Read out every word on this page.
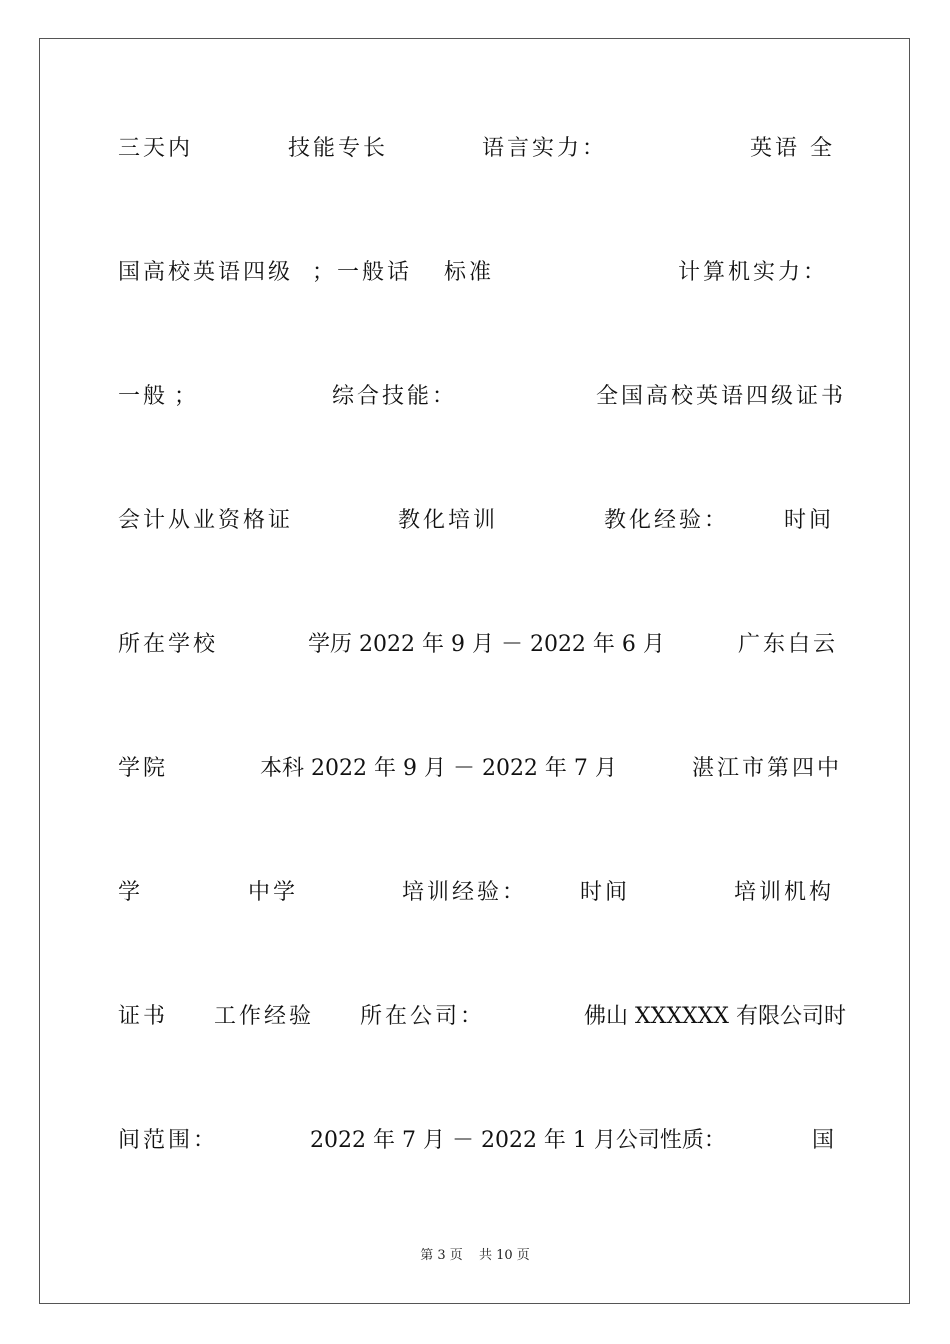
三天内	技能专长	语言实力：	英语 全
国高校英语四级 ；一般话 标准	计算机实力：
一般 ；	综合技能：	全国高校英语四级证书
会计从业资格证	教化培训	教化经验： 时间
所在学校	学历 2022 年 9 月 － 2022 年 6 月	广东白云
学院	本科 2022 年 9 月 － 2022 年 7 月	湛江市第四中
学	中学	培训经验： 时间	培训机构
证书 工作经验 所在公司：	佛山 XXXXXX 有限公司时
间范围：	2022 年 7 月 － 2022 年 1 月公司性质：	国
第 3 页 共 10 页
